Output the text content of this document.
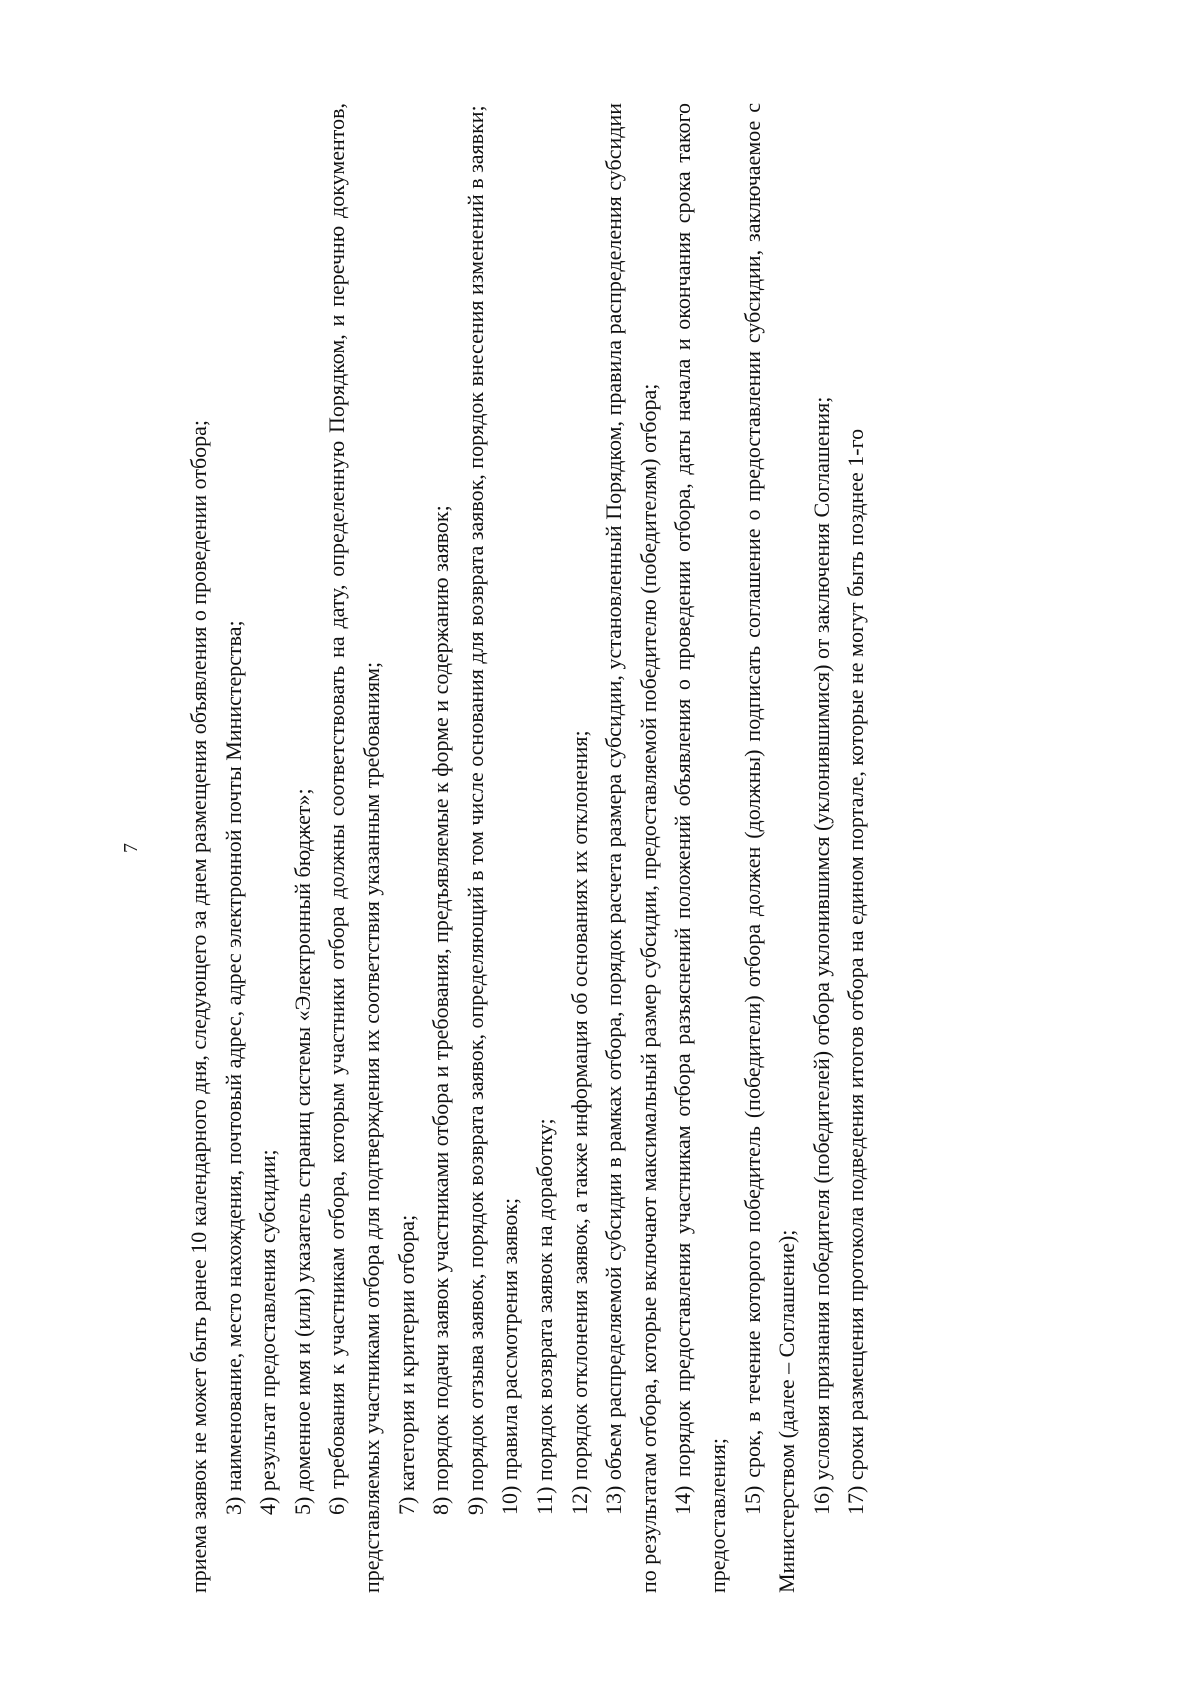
7	приема заявок не может быть ранее 10 календарного дня, следующего за днем размещения объявления о проведении отбора; 3) наименование, место нахождения, почтовый адрес, адрес электронной почты Министерства; 4) результат предоставления субсидии; 5) доменное имя и (или) указатель страниц системы «Электронный бюджет»; 6) требования к участникам отбора, которым участники отбора должны соответствовать на дату, определенную Порядком, и перечню документов, представляемых участниками отбора для подтверждения их соответствия указанным требованиям; 7) категория и критерии отбора; 8) порядок подачи заявок участниками отбора и требования, предъявляемые к форме и содержанию заявок; 9) порядок отзыва заявок, порядок возврата заявок, определяющий в том числе основания для возврата заявок, порядок внесения изменений в заявки; 10) правила рассмотрения заявок; 11) порядок возврата заявок на доработку; 12) порядок отклонения заявок, а также информация об основаниях их отклонения; 13) объем распределяемой субсидии в рамках отбора, порядок расчета размера субсидии, установленный Порядком, правила распределения субсидии по результатам отбора, которые включают максимальный размер субсидии, предоставляемой победителю (победителям) отбора; 14) порядок предоставления участникам отбора разъяснений положений объявления о проведении отбора, даты начала и окончания срока такого предоставления;

15) срок, в течение которого победитель (победители) отбора должен (должны) подписать соглашение о предоставлении субсидии, заключаемое с Министерством (далее – Соглашение); 16) условия признания победителя (победителей) отбора уклонившимся (уклонившимися) от заключения Соглашения; 17) сроки размещения протокола подведения итогов отбора на едином портале, которые не могут быть позднее 1-го
